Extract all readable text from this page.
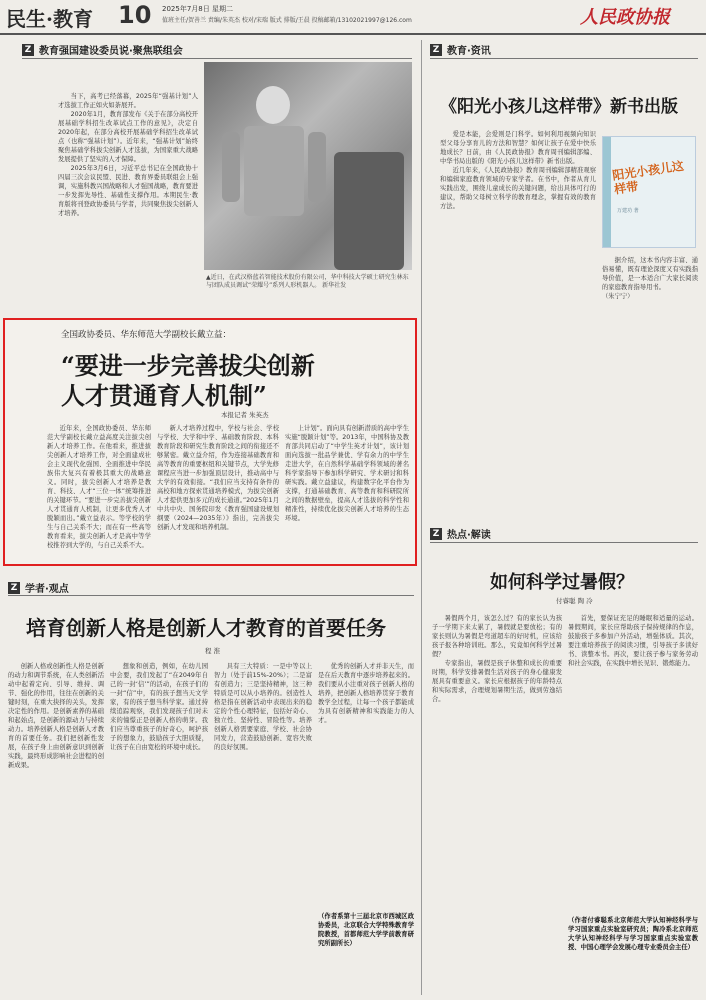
民生·教育 10 2025年7月8日 星期二
值班主任/贺善兰 责编/朱英杰 校对/宋瑞 版式 排版/王晨 投稿邮箱/13102021997@126.com	人民政协报
Z 教育强国建设委员说·聚焦联组会

当下，高考已经落幕，2025年“强基计划”人才选拔工作正如火如荼展开。

2020年1月，教育部发布《关于在部分高校开展基础学科招生改革试点工作的意见》，决定自2020年起，在部分高校开展基础学科招生改革试点（也称“强基计划”）。近年来，“强基计划”始终聚焦基础学科拔尖创新人才选拔，为国家重大战略发展提供了坚实的人才保障。

2025年3月6日，习近平总书记在全国政协十四届三次会议民盟、民进、教育界委员联组会上强调，实施科教兴国战略和人才强国战略，教育要进一步发挥先导性、基础性支撑作用。本期民生·教育版将刊登政协委员与学者，共同聚焦拔尖创新人才培养。

▲近日，在武汉格蓝若智能技术股份有限公司，华中科技大学硕士研究生林东与团队成员调试“荣耀号”系列人形机器人。 新华社发
全国政协委员、华东师范大学副校长戴立益：
“要进一步完善拔尖创新
人才贯通育人机制”
本报记者 朱英杰
近年来，全国政协委员、华东师范大学副校长戴立益高度关注拔尖创新人才培养工作。在他看来，推进拔尖创新人才培养工作，对全面建成社会主义现代化强国、全面推进中华民族伟大复兴有着极其重大的战略意义。同时，拔尖创新人才培养是教育、科技、人才“三位一体”统筹推进的关键环节。“要进一步完善拔尖创新人才贯通育人机制，让更多优秀人才脱颖而出。”戴立益表示。等学校的学生与自己关系不大；而在有一些高等教育看来，拔尖创新人才是高中等学校推荐到大学的，与自己关系不大。
新人才培养过程中，学校与社会、学校与学校、大学和中学、基础教育阶段、本科教育阶段和研究生教育阶段之间的衔接还不够紧密。戴立益介绍，作为连接基础教育和高等教育的重要枢纽和关键节点，大学先修课程应当进一步加强顶层设计，推动高中与大学的有效衔接。“我们应当支持有条件的高校和地方探索贯通培养模式，为拔尖创新人才提供更加多元的成长通道。”2025年1月中共中央、国务院印发《教育强国建设规划纲要（2024—2035年）》指出，完善拔尖创新人才发现和培养机制。
上计划”。面向具有创新潜质的高中学生实施“脱颖计划”等。2013年，中国科协及教育部共同启动了“中学生英才计划”，该计划面向选拔一批品学兼优、学有余力的中学生走进大学，在自然科学基础学科领域的著名科学家指导下参加科学研究、学术研讨和科研实践。戴立益建议，构建数字化平台作为支撑，打通基础教育、高等教育和科研院所之间的数据壁垒，提高人才选拔的科学性和精准性，持续优化拔尖创新人才培养的生态环境。
Z 学者·观点
培育创新人格是创新人才教育的首要任务
程 淮
创新人格或创新性人格是创新的动力和调节系统，在人类创新活动中起着定向、引导、维持、调节、强化的作用，往往在创新的关键时刻，在重大抉择的关头，发挥决定性的作用。是创新素养的基础和起始点，是创新的源动力与持续动力。培养创新人格是创新人才教育的首要任务。我们把创新性发展，在孩子身上由创新意识到创新实践，最终形成影响社会进程的创新成果。
想象和创造，例如，在幼儿园中会要，我们发起了“在2049年自己的一封‘信’”的活动，在孩子们的一封“信”中，有的孩子想当天文学家，有的孩子想当科学家。通过持续追踪观察，我们发现孩子们对未来的憧憬正是创新人格的萌芽。我们应当尊重孩子的好奇心，呵护孩子的想象力，鼓励孩子大胆质疑，让孩子在自由宽松的环境中成长。
具有三大特质：一是中等以上智力（处于前15%-20%）；二是富有创造力；三是坚持精神，这三种特质是可以从小培养的。创造性人格是指在创新活动中表现出来的稳定的个性心理特征，包括好奇心、独立性、坚持性、冒险性等。培养创新人格需要家庭、学校、社会协同发力，营造鼓励创新、宽容失败的良好氛围。
优秀的创新人才并非天生，而是在后天教育中逐步培养起来的。我们要从小注重对孩子创新人格的培养，把创新人格培养贯穿于教育教学全过程，让每一个孩子都能成为具有创新精神和实践能力的人才。
（作者系第十三届北京市西城区政协委员，北京联合大学特殊教育学院教授，首都师范大学学前教育研究所副所长）
Z 教育·资讯
《阳光小孩儿这样带》新书出版
阳光小孩儿这样带
万建功 著

爱是本能，会爱则是门科学。如何利用视频向知识型父母分享育儿的方法和智慧？如何让孩子在爱中快乐地成长？日前，由《人民政协报》教育周刊编辑部编、中华书局出版的《阳光小孩儿这样带》新书出版。

近几年来，《人民政协报》教育周刊编辑部精准观察和编辑家庭教育领域的专家学者。在书中，作者从育儿实践出发，围绕儿童成长的关键问题，给出具体可行的建议，帮助父母树立科学的教育理念，掌握有效的教育方法。

据介绍，这本书内容丰富、通俗易懂，既有理论深度又有实践指导价值，是一本适合广大家长阅读的家庭教育指导用书。

（朱宁宁）

Z 热点·解读
如何科学过暑假？
付睿聪 陶 冷

暑假两个月，该怎么过？有的家长认为孩子一学期下来太累了，暑假就是要放松；有的家长则认为暑假是弯道超车的好时机，应该给孩子报各种培训班。那么，究竟如何科学过暑假？

专家指出，暑假是孩子休整和成长的重要时期，科学安排暑假生活对孩子的身心健康发展具有重要意义。家长应根据孩子的年龄特点和实际需求，合理规划暑期生活，做到劳逸结合。

首先，要保证充足的睡眠和适量的运动。暑假期间，家长应帮助孩子保持规律的作息，鼓励孩子多参加户外活动，增强体质。其次，要注重培养孩子的阅读习惯，引导孩子多读好书、读整本书。再次，要让孩子参与家务劳动和社会实践，在实践中增长见识、锻炼能力。
（作者付睿聪系北京师范大学认知神经科学与学习国家重点实验室研究员；陶冷系北京师范大学认知神经科学与学习国家重点实验室教授、中国心理学会发展心理专业委员会主任）
